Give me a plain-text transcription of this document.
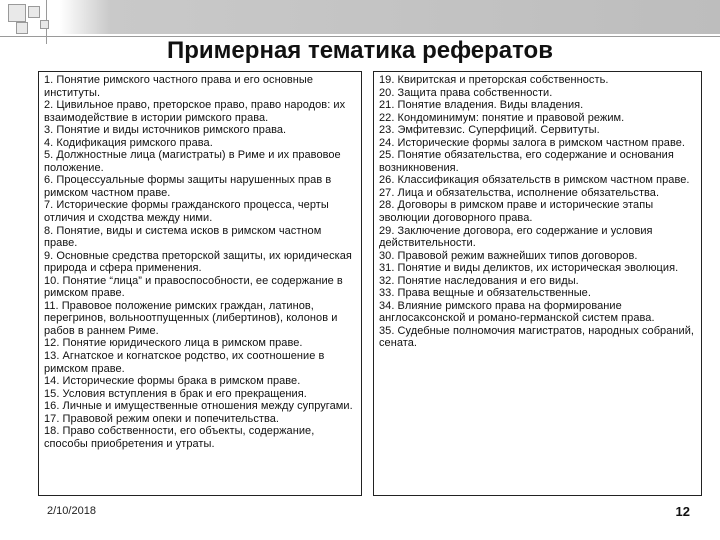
Примерная тематика рефератов

1. Понятие римского частного права и его основные институты.

2. Цивильное право, преторское право, право народов: их взаимодействие в истории римского права.

3. Понятие и виды источников римского права.

4. Кодификация римского права.

5. Должностные лица (магистраты) в Риме и их правовое положение.

6. Процессуальные формы защиты нарушенных прав в римском частном праве.

7. Исторические формы гражданского процесса, черты отличия и сходства между ними.

8. Понятие, виды и система исков в римском частном праве.

9. Основные средства преторской защиты, их юридическая природа и сфера применения.

10. Понятие “лица” и правоспособности, ее содержание в римском праве.

11. Правовое положение римских граждан, латинов, перегринов, вольноотпущенных (либертинов), колонов и рабов в раннем Риме.

12. Понятие юридического лица в римском праве.

13. Агнатское и когнатское родство, их соотношение в римском праве.

14. Исторические формы брака в римском праве.

15. Условия вступления в брак и его прекращения.

16. Личные и имущественные отношения между супругами.

17. Правовой режим опеки и попечительства.

18. Право собственности, его объекты, содержание, способы приобретения и утраты.

19. Квиритская и преторская собственность.

20. Защита права собственности.

21. Понятие владения. Виды владения.

22. Кондоминимум: понятие и правовой режим.

23. Эмфитевзис. Суперфиций. Сервитуты.

24. Исторические формы залога в римском частном праве.

25. Понятие обязательства, его содержание и основания возникновения.

26. Классификация обязательств в римском частном праве.

27. Лица и обязательства, исполнение обязательства.

28. Договоры в римском праве и исторические этапы эволюции договорного права.

29. Заключение договора, его содержание и условия действительности.

30. Правовой режим важнейших типов договоров.

31. Понятие и виды деликтов, их историческая эволюция.

32. Понятие наследования и его виды.

33. Права вещные и обязательственные.

34. Влияние римского права на формирование англосаксонской и романо-германской систем права.

35. Судебные полномочия магистратов, народных собраний, сената.

2/10/2018	12
